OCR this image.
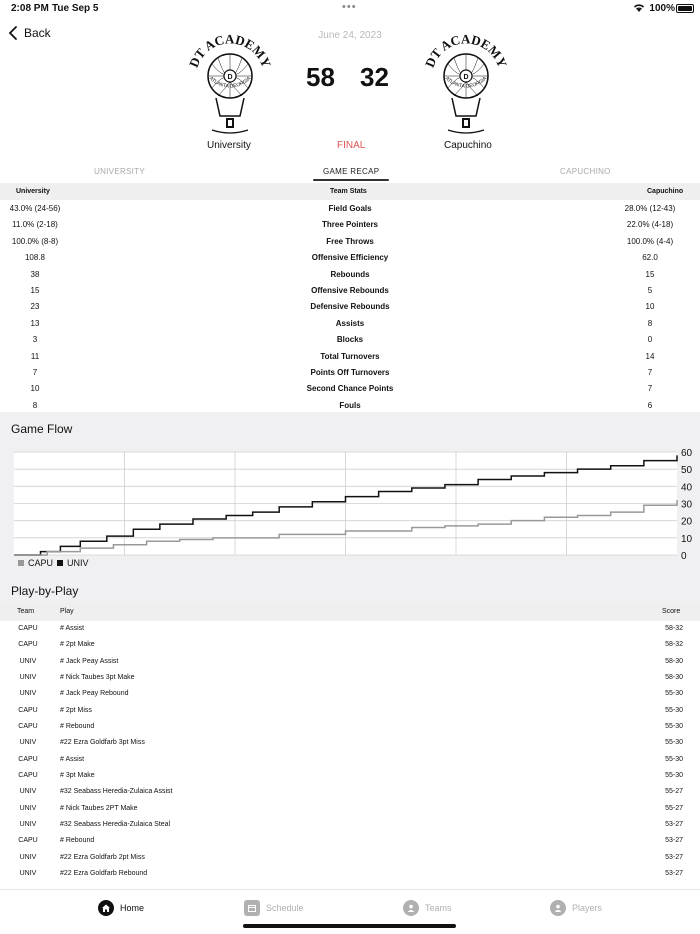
2:08 PM Tue Sep 5	•••	100%
Back	June 24, 2023
DT ACADEMY
ATLANTA GEORGIA
D
DT ACADEMY
ATLANTA GEORGIA
D
58 32
University	FINAL	Capuchino
UNIVERSITY	GAME RECAP	CAPUCHINO
University	Team Stats	Capuchino
43.0% (24-56)	Field Goals	28.0% (12-43)
11.0% (2-18)	Three Pointers	22.0% (4-18)
100.0% (8-8)	Free Throws	100.0% (4-4)
108.8	Offensive Efficiency	62.0
38	Rebounds	15
15	Offensive Rebounds	5
23	Defensive Rebounds	10
13	Assists	8
3	Blocks	0
11	Total Turnovers	14
7	Points Off Turnovers	7
10	Second Chance Points	7
8	Fouls	6
Game Flow
0
10
20
30
40
50
60
CAPU UNIV
Play-by-Play
Team	Play	Score
CAPU	# Assist	58-32
CAPU	# 2pt Make	58-32
UNIV	# Jack Peay Assist	58-30
UNIV	# Nick Taubes 3pt Make	58-30
UNIV	# Jack Peay Rebound	55-30
CAPU	# 2pt Miss	55-30
CAPU	# Rebound	55-30
UNIV	#22 Ezra Goldfarb 3pt Miss	55-30
CAPU	# Assist	55-30
CAPU	# 3pt Make	55-30
UNIV	#32 Seabass Heredia-Zulaica Assist	55-27
UNIV	# Nick Taubes 2PT Make	55-27
UNIV	#32 Seabass Heredia-Zulaica Steal	53-27
CAPU	# Rebound	53-27
UNIV	#22 Ezra Goldfarb 2pt Miss	53-27
UNIV	#22 Ezra Goldfarb Rebound	53-27
Home	Schedule	Teams	Players
